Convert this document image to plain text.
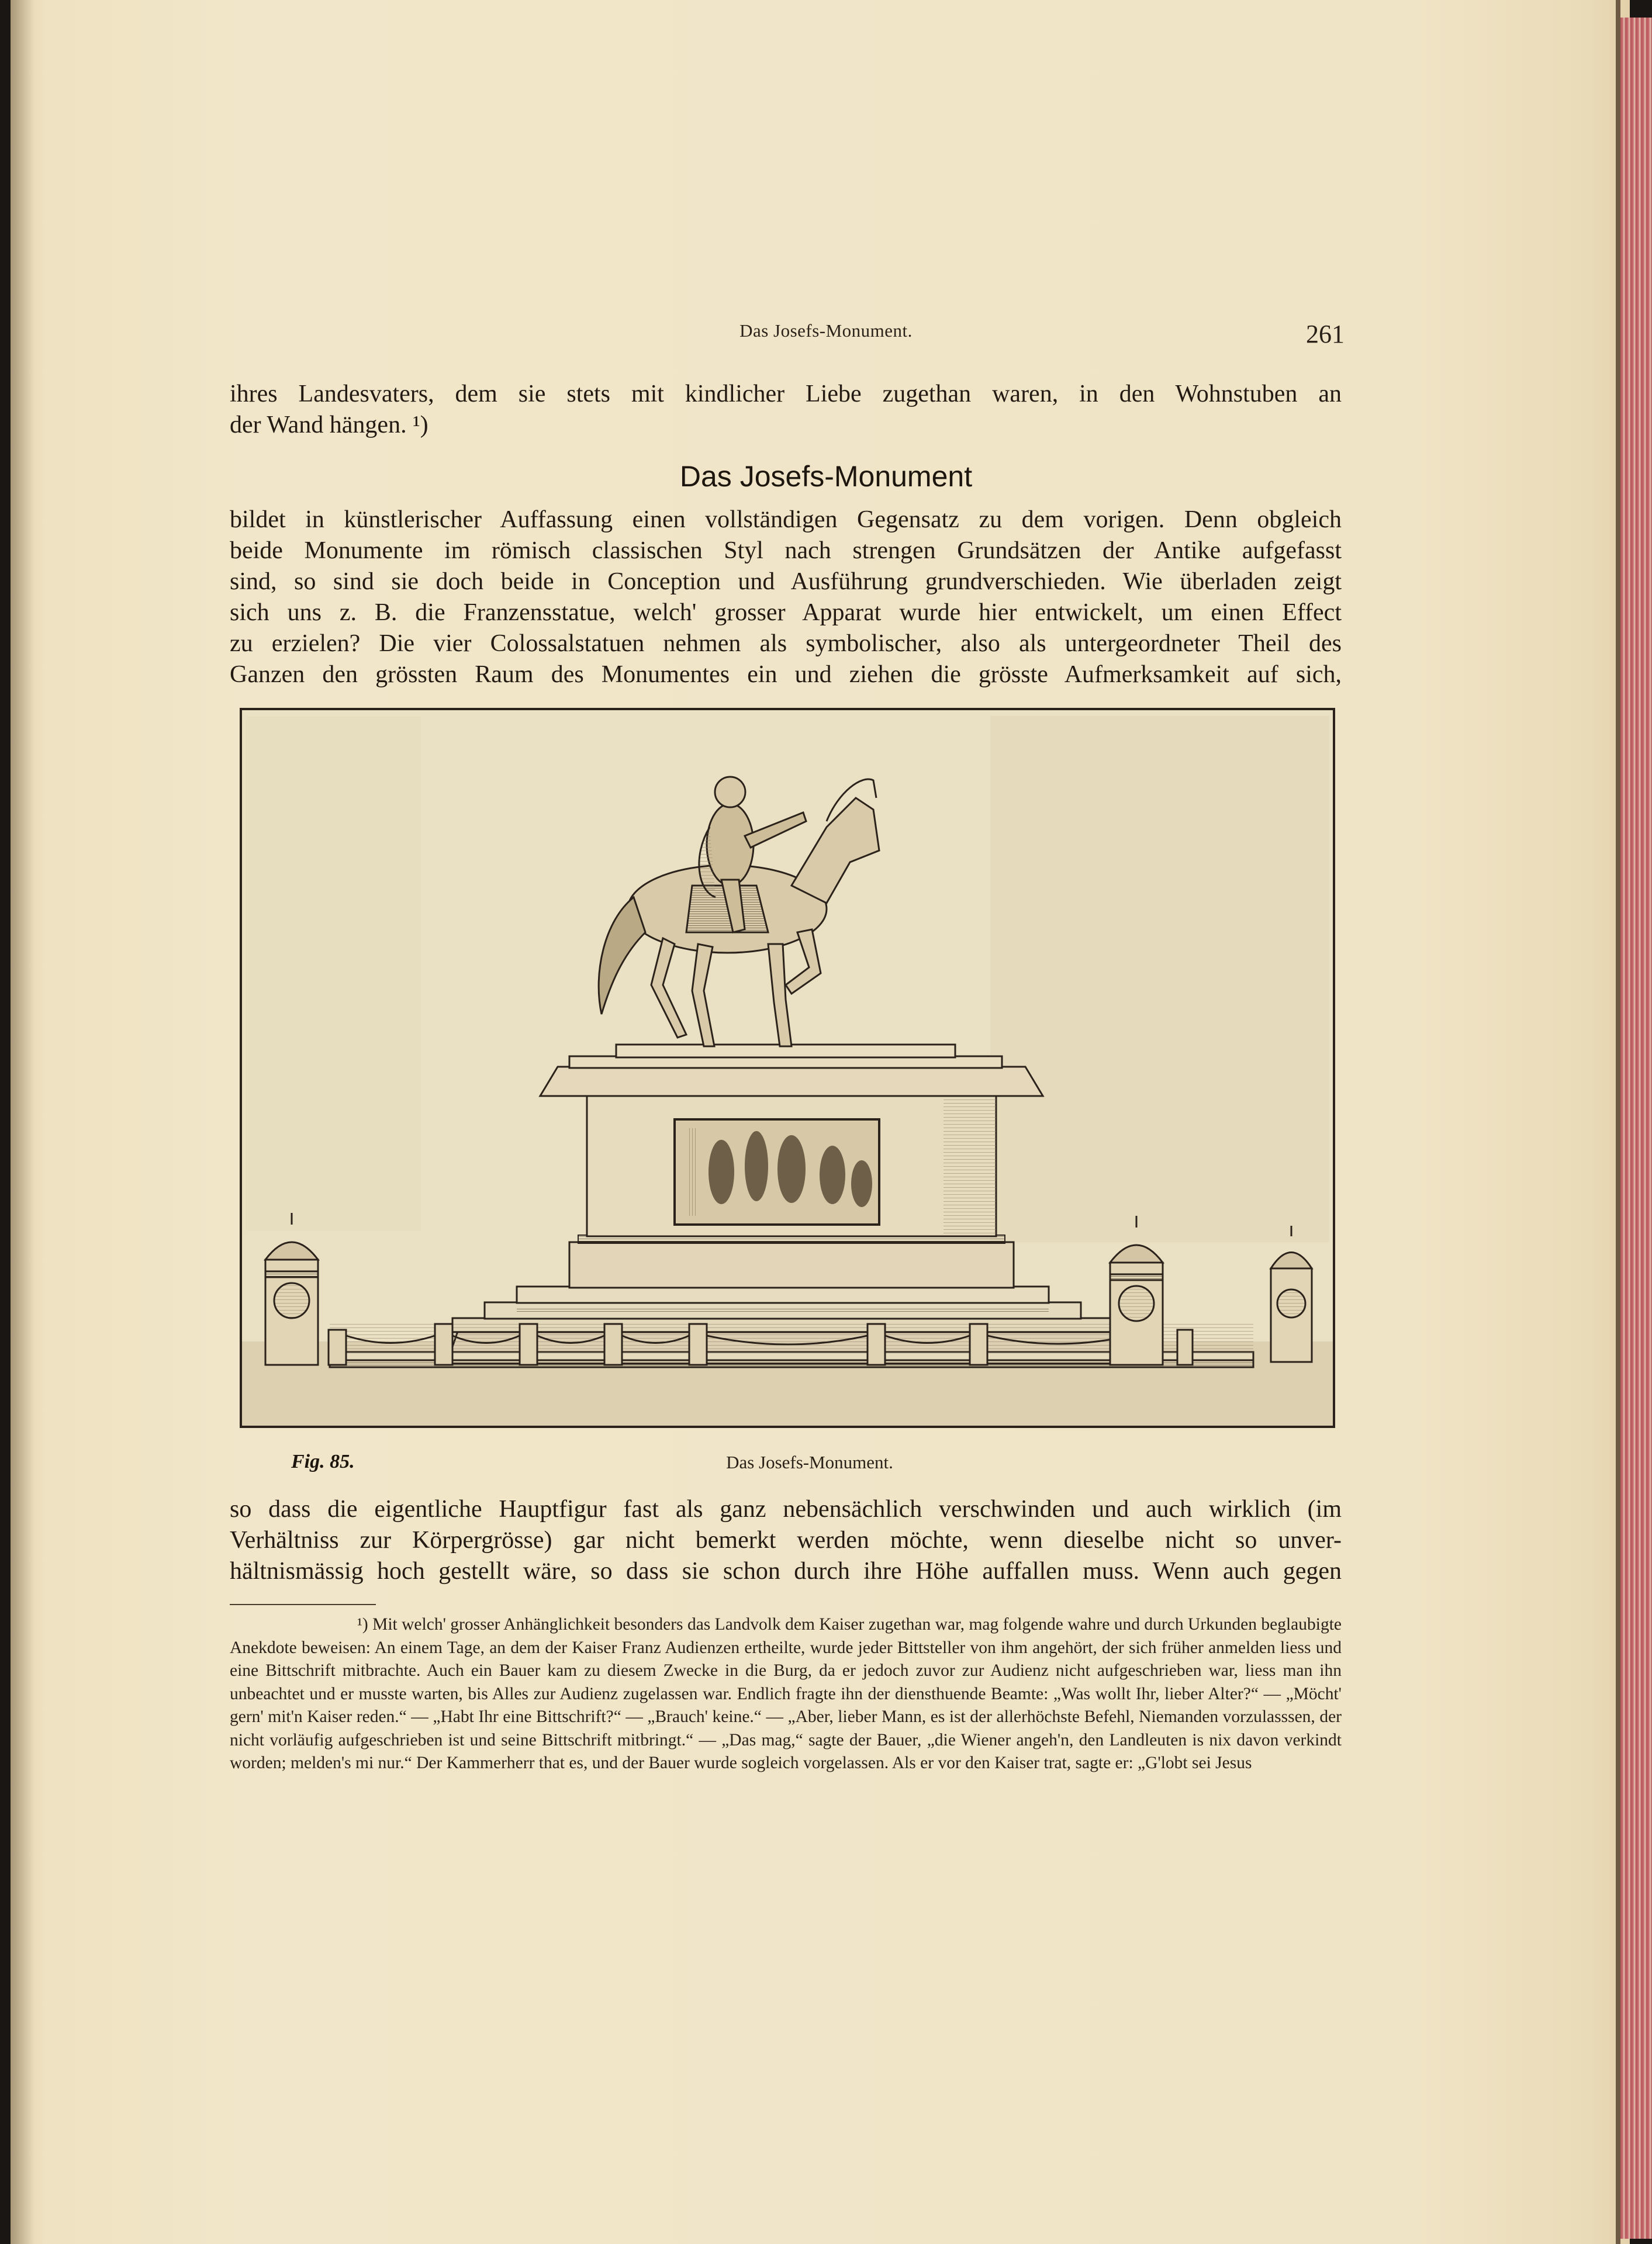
Das Josefs-Monument.	261
ihres Landesvaters, dem sie stets mit kindlicher Liebe zugethan waren, in den Wohnstuben an
der Wand hängen. ¹)
Das Josefs-Monument
bildet in künstlerischer Auffassung einen vollständigen Gegensatz zu dem vorigen. Denn obgleich
beide Monumente im römisch classischen Styl nach strengen Grundsätzen der Antike aufgefasst
sind, so sind sie doch beide in Conception und Ausführung grundverschieden. Wie überladen zeigt
sich uns z. B. die Franzensstatue, welch' grosser Apparat wurde hier entwickelt, um einen Effect
zu erzielen? Die vier Colossalstatuen nehmen als symbolischer, also als untergeordneter Theil des
Ganzen den grössten Raum des Monumentes ein und ziehen die grösste Aufmerksamkeit auf sich,
Fig. 85.	Das Josefs-Monument.
so dass die eigentliche Hauptfigur fast als ganz nebensächlich verschwinden und auch wirklich (im
Verhältniss zur Körpergrösse) gar nicht bemerkt werden möchte, wenn dieselbe nicht so unver-
hältnismässig hoch gestellt wäre, so dass sie schon durch ihre Höhe auffallen muss. Wenn auch gegen
¹) Mit welch' grosser Anhänglichkeit besonders das Landvolk dem Kaiser zugethan war, mag folgende wahre und durch Urkunden beglaubigte Anekdote beweisen: An einem Tage, an dem der Kaiser Franz Audienzen ertheilte, wurde jeder Bittsteller von ihm angehört, der sich früher anmelden liess und eine Bittschrift mitbrachte. Auch ein Bauer kam zu diesem Zwecke in die Burg, da er jedoch zuvor zur Audienz nicht aufgeschrieben war, liess man ihn unbeachtet und er musste warten, bis Alles zur Audienz zugelassen war. Endlich fragte ihn der diensthuende Beamte: „Was wollt Ihr, lieber Alter?“ — „Möcht' gern' mit'n Kaiser reden.“ — „Habt Ihr eine Bittschrift?“ — „Brauch' keine.“ — „Aber, lieber Mann, es ist der allerhöchste Befehl, Niemanden vorzulasssen, der nicht vorläufig aufgeschrieben ist und seine Bittschrift mitbringt.“ — „Das mag,“ sagte der Bauer, „die Wiener angeh'n, den Landleuten is nix davon verkindt worden; melden's mi nur.“ Der Kammerherr that es, und der Bauer wurde sogleich vorgelassen. Als er vor den Kaiser trat, sagte er: „G'lobt sei Jesus
